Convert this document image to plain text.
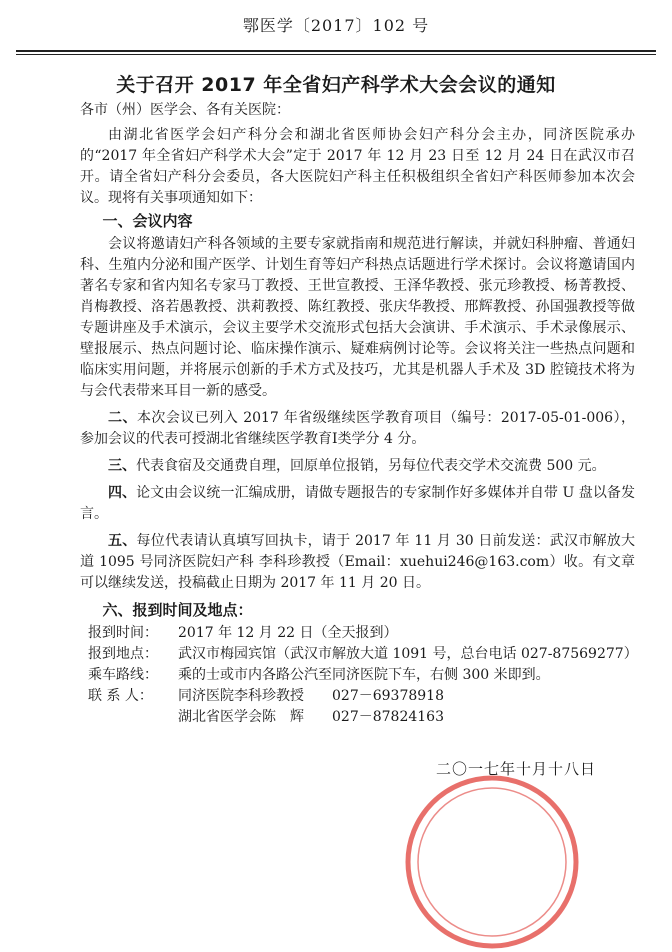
鄂医学〔2017〕102 号
关于召开 2017 年全省妇产科学术大会会议的通知

各市（州）医学会、各有关医院：

由湖北省医学会妇产科分会和湖北省医师协会妇产科分会主办，同济医院承办的“2017 年全省妇产科学术大会”定于 2017 年 12 月 23 日至 12 月 24 日在武汉市召开。请全省妇产科分会委员，各大医院妇产科主任积极组织全省妇产科医师参加本次会议。现将有关事项通知如下：

一、会议内容

会议将邀请妇产科各领域的主要专家就指南和规范进行解读，并就妇科肿瘤、普通妇科、生殖内分泌和围产医学、计划生育等妇产科热点话题进行学术探讨。会议将邀请国内著名专家和省内知名专家马丁教授、王世宣教授、王泽华教授、张元珍教授、杨菁教授、肖梅教授、洛若愚教授、洪莉教授、陈红教授、张庆华教授、邢辉教授、孙国强教授等做专题讲座及手术演示，会议主要学术交流形式包括大会演讲、手术演示、手术录像展示、壁报展示、热点问题讨论、临床操作演示、疑难病例讨论等。会议将关注一些热点问题和临床实用问题，并将展示创新的手术方式及技巧，尤其是机器人手术及 3D 腔镜技术将为与会代表带来耳目一新的感受。

二、本次会议已列入 2017 年省级继续医学教育项目（编号：2017-05-01-006），参加会议的代表可授湖北省继续医学教育Ⅰ类学分 4 分。

三、代表食宿及交通费自理，回原单位报销，另每位代表交学术交流费 500 元。

四、论文由会议统一汇编成册，请做专题报告的专家制作好多媒体并自带 U 盘以备发言。

五、每位代表请认真填写回执卡，请于 2017 年 11 月 30 日前发送：武汉市解放大道 1095 号同济医院妇产科 李科珍教授（Email：xuehui246@163.com）收。有文章可以继续发送，投稿截止日期为 2017 年 11 月 20 日。

六、报到时间及地点：

报到时间：	2017 年 12 月 22 日（全天报到）
报到地点：	武汉市梅园宾馆（武汉市解放大道 1091 号，总台电话 027-87569277）
乘车路线：	乘的士或市内各路公汽至同济医院下车，右侧 300 米即到。
联 系 人：	同济医院李科珍教授　　027－69378918
	湖北省医学会陈　辉　　027－87824163
二〇一七年十月十八日
